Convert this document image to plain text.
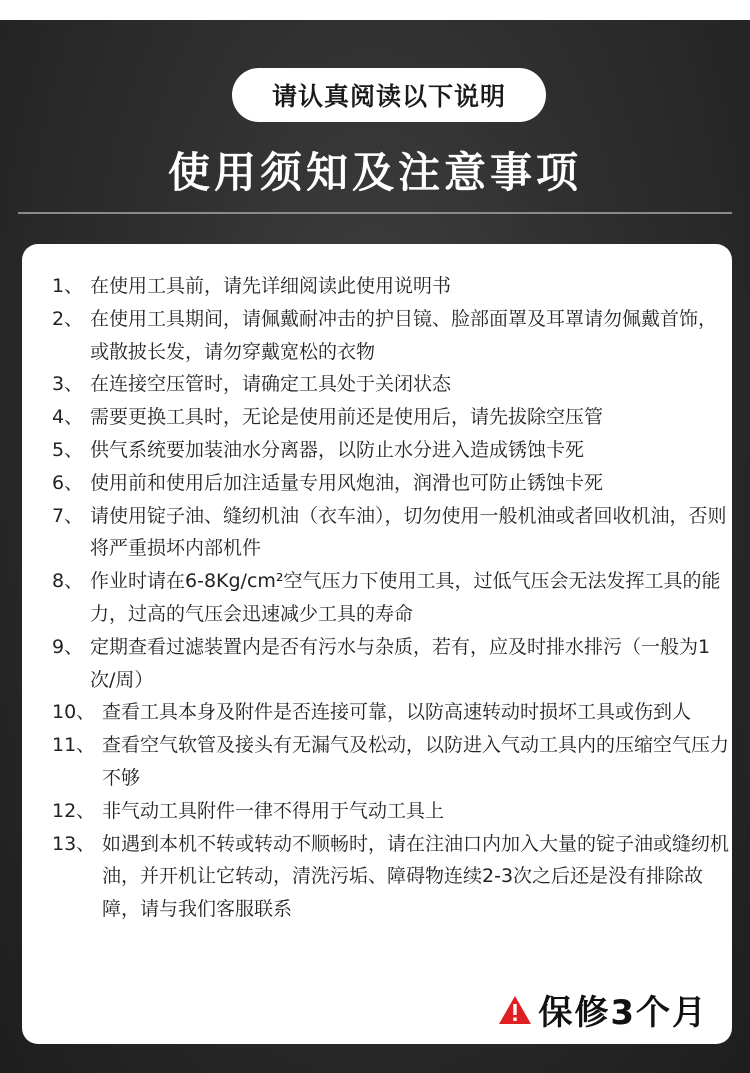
请认真阅读以下说明
使用须知及注意事项
1、 在使用工具前，请先详细阅读此使用说明书
2、 在使用工具期间，请佩戴耐冲击的护目镜、脸部面罩及耳罩请勿佩戴首饰，或散披长发，请勿穿戴宽松的衣物
3、 在连接空压管时，请确定工具处于关闭状态
4、 需要更换工具时，无论是使用前还是使用后，请先拔除空压管
5、 供气系统要加装油水分离器，以防止水分进入造成锈蚀卡死
6、 使用前和使用后加注适量专用风炮油，润滑也可防止锈蚀卡死
7、 请使用锭子油、缝纫机油（衣车油），切勿使用一般机油或者回收机油，否则将严重损坏内部机件
8、 作业时请在6-8Kg/cm²空气压力下使用工具，过低气压会无法发挥工具的能力，过高的气压会迅速减少工具的寿命
9、 定期查看过滤装置内是否有污水与杂质，若有，应及时排水排污（一般为1次/周）
10、 查看工具本身及附件是否连接可靠，以防高速转动时损坏工具或伤到人
11、 查看空气软管及接头有无漏气及松动，以防进入气动工具内的压缩空气压力不够
12、 非气动工具附件一律不得用于气动工具上
13、 如遇到本机不转或转动不顺畅时，请在注油口内加入大量的锭子油或缝纫机油，并开机让它转动，清洗污垢、障碍物连续2-3次之后还是没有排除故障，请与我们客服联系
保修3个月
